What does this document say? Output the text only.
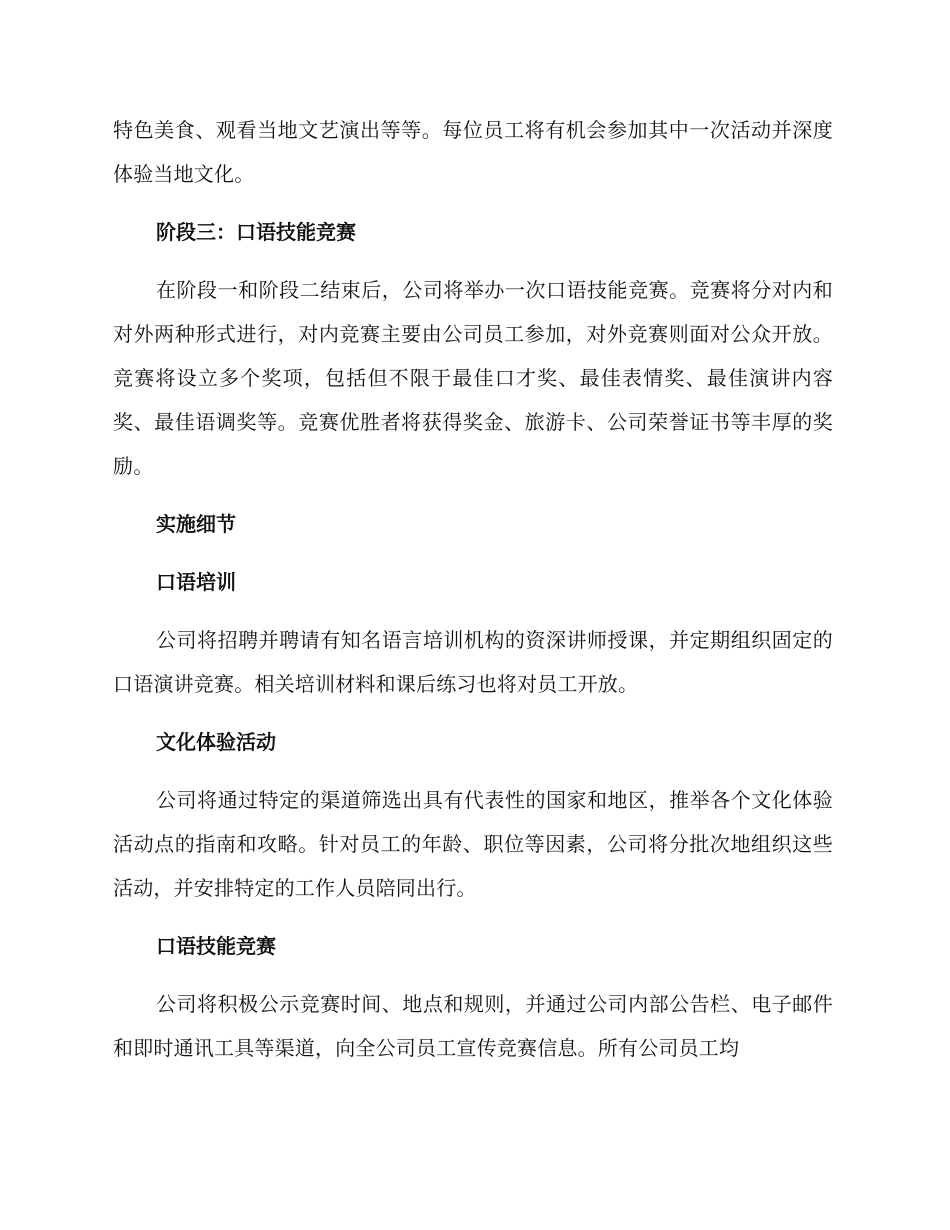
特色美食、观看当地文艺演出等等。每位员工将有机会参加其中一次活动并深度体验当地文化。

阶段三：口语技能竞赛

在阶段一和阶段二结束后，公司将举办一次口语技能竞赛。竞赛将分对内和对外两种形式进行，对内竞赛主要由公司员工参加，对外竞赛则面对公众开放。竞赛将设立多个奖项，包括但不限于最佳口才奖、最佳表情奖、最佳演讲内容奖、最佳语调奖等。竞赛优胜者将获得奖金、旅游卡、公司荣誉证书等丰厚的奖励。

实施细节

口语培训

公司将招聘并聘请有知名语言培训机构的资深讲师授课，并定期组织固定的口语演讲竞赛。相关培训材料和课后练习也将对员工开放。

文化体验活动

公司将通过特定的渠道筛选出具有代表性的国家和地区，推举各个文化体验活动点的指南和攻略。针对员工的年龄、职位等因素，公司将分批次地组织这些活动，并安排特定的工作人员陪同出行。

口语技能竞赛

公司将积极公示竞赛时间、地点和规则，并通过公司内部公告栏、电子邮件和即时通讯工具等渠道，向全公司员工宣传竞赛信息。所有公司员工均
